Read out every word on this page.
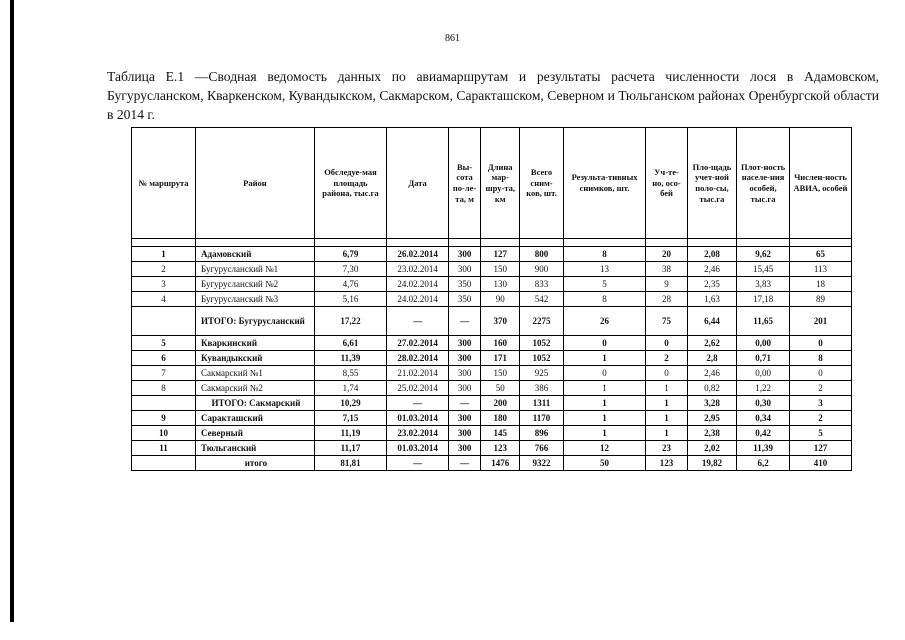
861
Таблица Е.1 —Сводная ведомость данных по авиамаршрутам и результаты расчета численности лося в Адамовском, Бугурусланском, Кваркенском, Кувандыкском, Сакмарском, Саракташском, Северном и Тюльганском районах Оренбургской области в 2014 г.
№ маршрута	Район	Обследуе-мая площадь района, тыс.га	Дата	Вы-сота по-ле-та, м	Длина мар-шру-та, км	Всего сним-ков, шт.	Результа-тивных снимков, шт.	Уч-те-но, осо-бей	Пло-щадь учет-ной поло-сы, тыс.га	Плот-ность населе-ния особей, тыс.га	Числен-ность АВИА, особей

1	Адамовский	6,79	26.02.2014	300	127	800	8	20	2,08	9,62	65
2	Бугурусланский №1	7,30	23.02.2014	300	150	900	13	38	2,46	15,45	113
3	Бугурусланский №2	4,76	24.02.2014	350	130	833	5	9	2,35	3,83	18
4	Бугурусланский №3	5,16	24.02.2014	350	90	542	8	28	1,63	17,18	89
	ИТОГО: Бугурусланский	17,22	—	—	370	2275	26	75	6,44	11,65	201
5	Кваркинский	6,61	27.02.2014	300	160	1052	0	0	2,62	0,00	0
6	Кувандыкский	11,39	28.02.2014	300	171	1052	1	2	2,8	0,71	8
7	Сакмарский №1	8,55	21.02.2014	300	150	925	0	0	2,46	0,00	0
8	Сакмарский №2	1,74	25.02.2014	300	50	386	1	1	0,82	1,22	2
	ИТОГО: Сакмарский	10,29	—	—	200	1311	1	1	3,28	0,30	3
9	Саракташский	7,15	01.03.2014	300	180	1170	1	1	2,95	0,34	2
10	Северный	11,19	23.02.2014	300	145	896	1	1	2,38	0,42	5
11	Тюльганский	11,17	01.03.2014	300	123	766	12	23	2,02	11,39	127
	итого	81,81	—	—	1476	9322	50	123	19,82	6,2	410
